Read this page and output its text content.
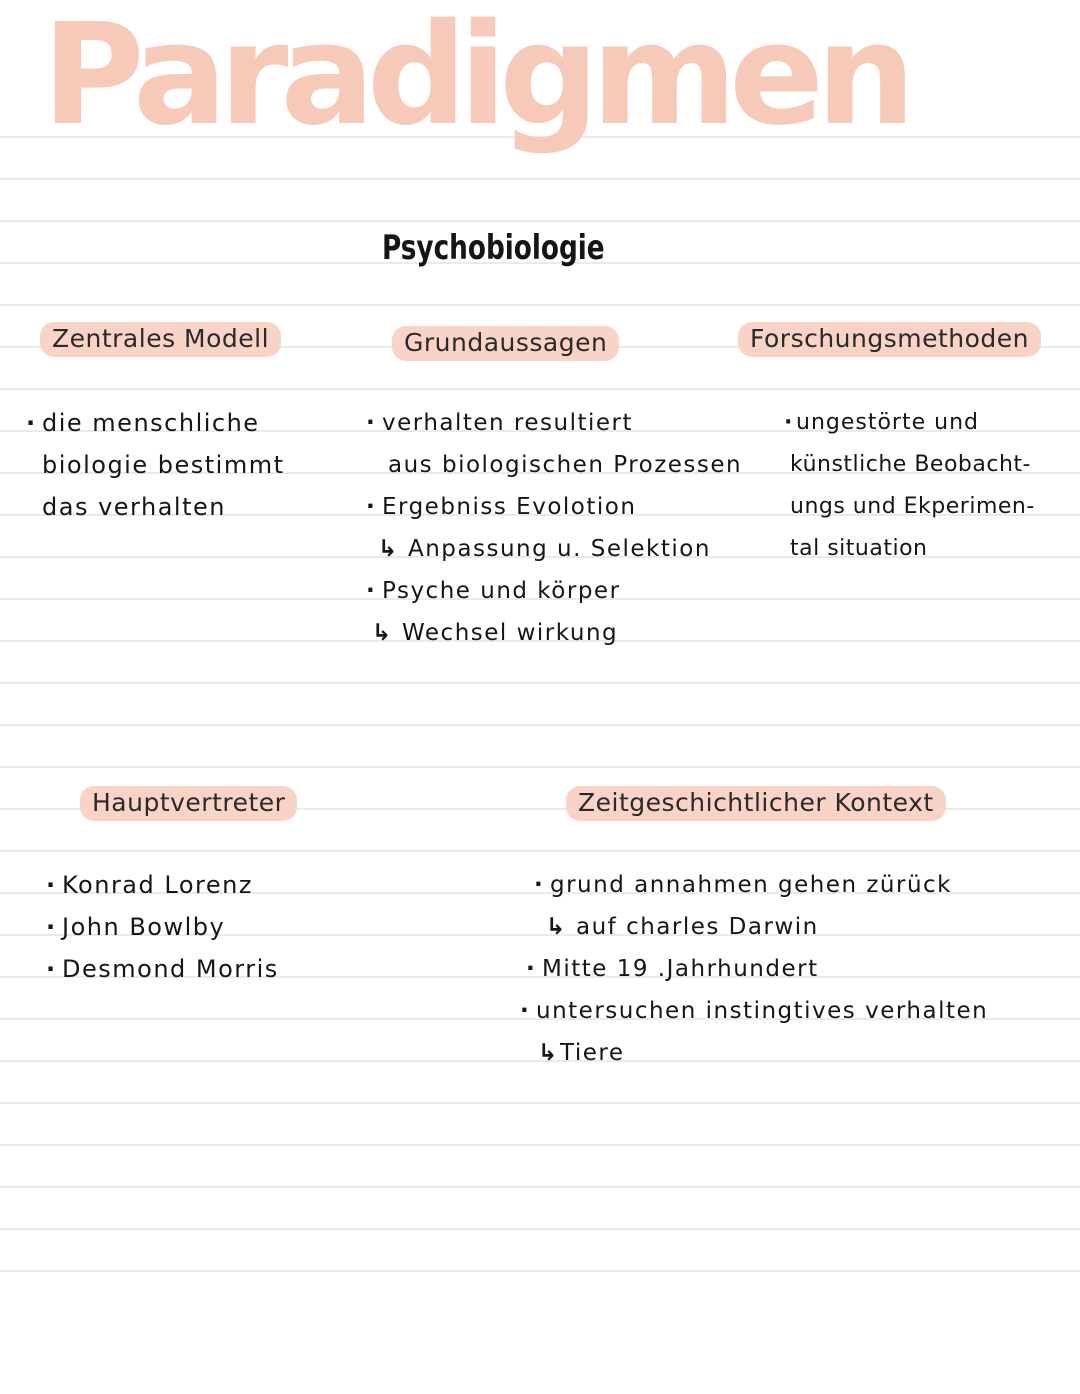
Paradigmen
Psychobiologie
Zentrales Modell
· die menschliche
biologie bestimmt
das verhalten
Grundaussagen
· verhalten resultiert
aus biologischen Prozessen
· Ergebniss Evolotion
↳ Anpassung u. Selektion
· Psyche und körper
↳ Wechsel wirkung
Forschungsmethoden
· ungestörte und
künstliche Beobacht-
ungs und Ekperimen-
tal situation
Hauptvertreter
· Konrad Lorenz
· John Bowlby
· Desmond Morris
Zeitgeschichtlicher Kontext
· grund annahmen gehen zürück
↳ auf charles Darwin
· Mitte 19 .Jahrhundert
· untersuchen instingtives verhalten
↳Tiere
